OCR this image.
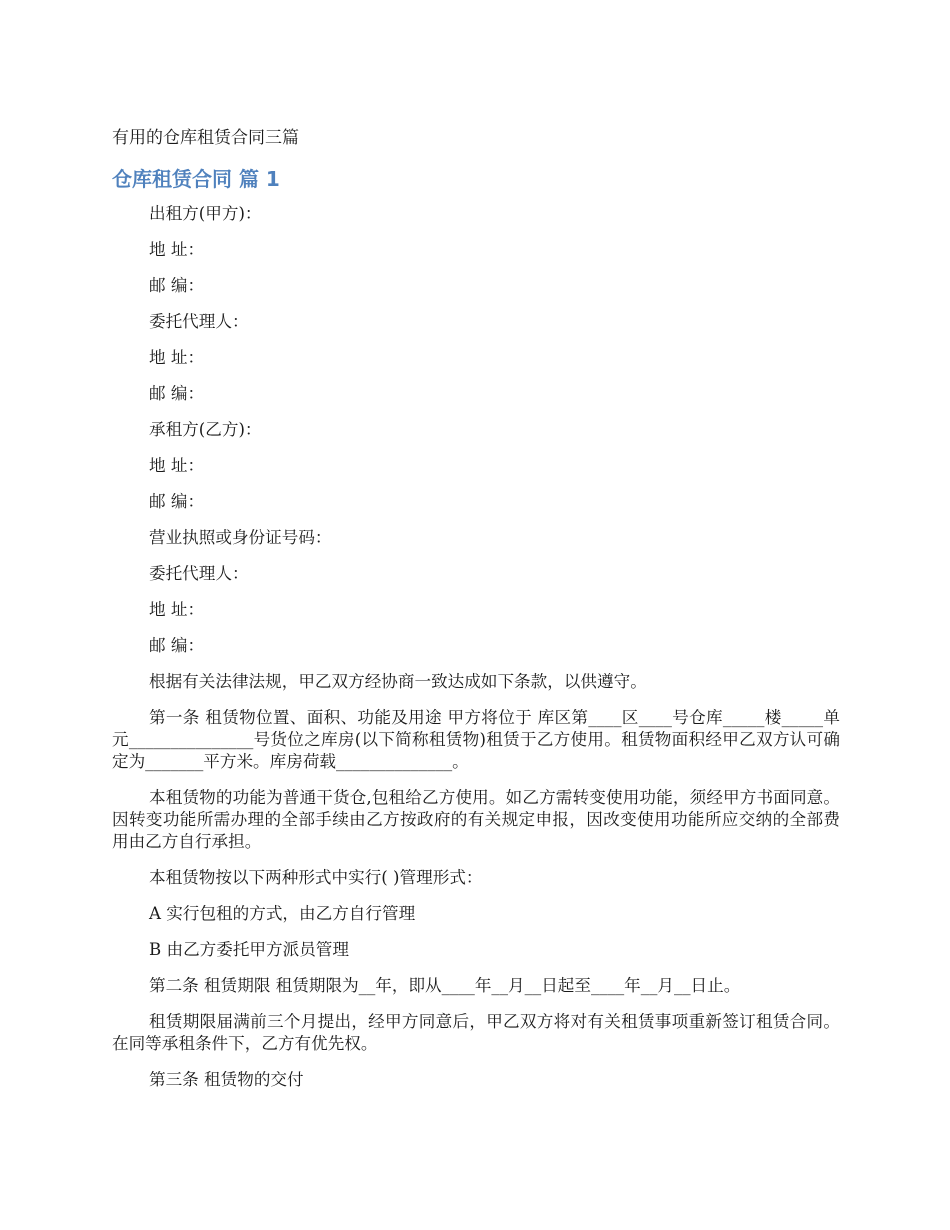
有用的仓库租赁合同三篇

仓库租赁合同 篇 1

出租方(甲方)：

地 址：

邮 编：

委托代理人：

地 址：

邮 编：

承租方(乙方)：

地 址：

邮 编：

营业执照或身份证号码：

委托代理人：

地 址：

邮 编：

根据有关法律法规，甲乙双方经协商一致达成如下条款，以供遵守。

第一条 租赁物位置、面积、功能及用途 甲方将位于 库区第____区____号仓库_____楼_____单元_______________号货位之库房(以下简称租赁物)租赁于乙方使用。租赁物面积经甲乙双方认可确定为_______平方米。库房荷载______________。

本租赁物的功能为普通干货仓,包租给乙方使用。如乙方需转变使用功能，须经甲方书面同意。因转变功能所需办理的全部手续由乙方按政府的有关规定申报，因改变使用功能所应交纳的全部费用由乙方自行承担。

本租赁物按以下两种形式中实行( )管理形式：

A 实行包租的方式，由乙方自行管理

B 由乙方委托甲方派员管理

第二条 租赁期限 租赁期限为__年，即从____年__月__日起至____年__月__日止。

租赁期限届满前三个月提出，经甲方同意后，甲乙双方将对有关租赁事项重新签订租赁合同。在同等承租条件下，乙方有优先权。

第三条 租赁物的交付
